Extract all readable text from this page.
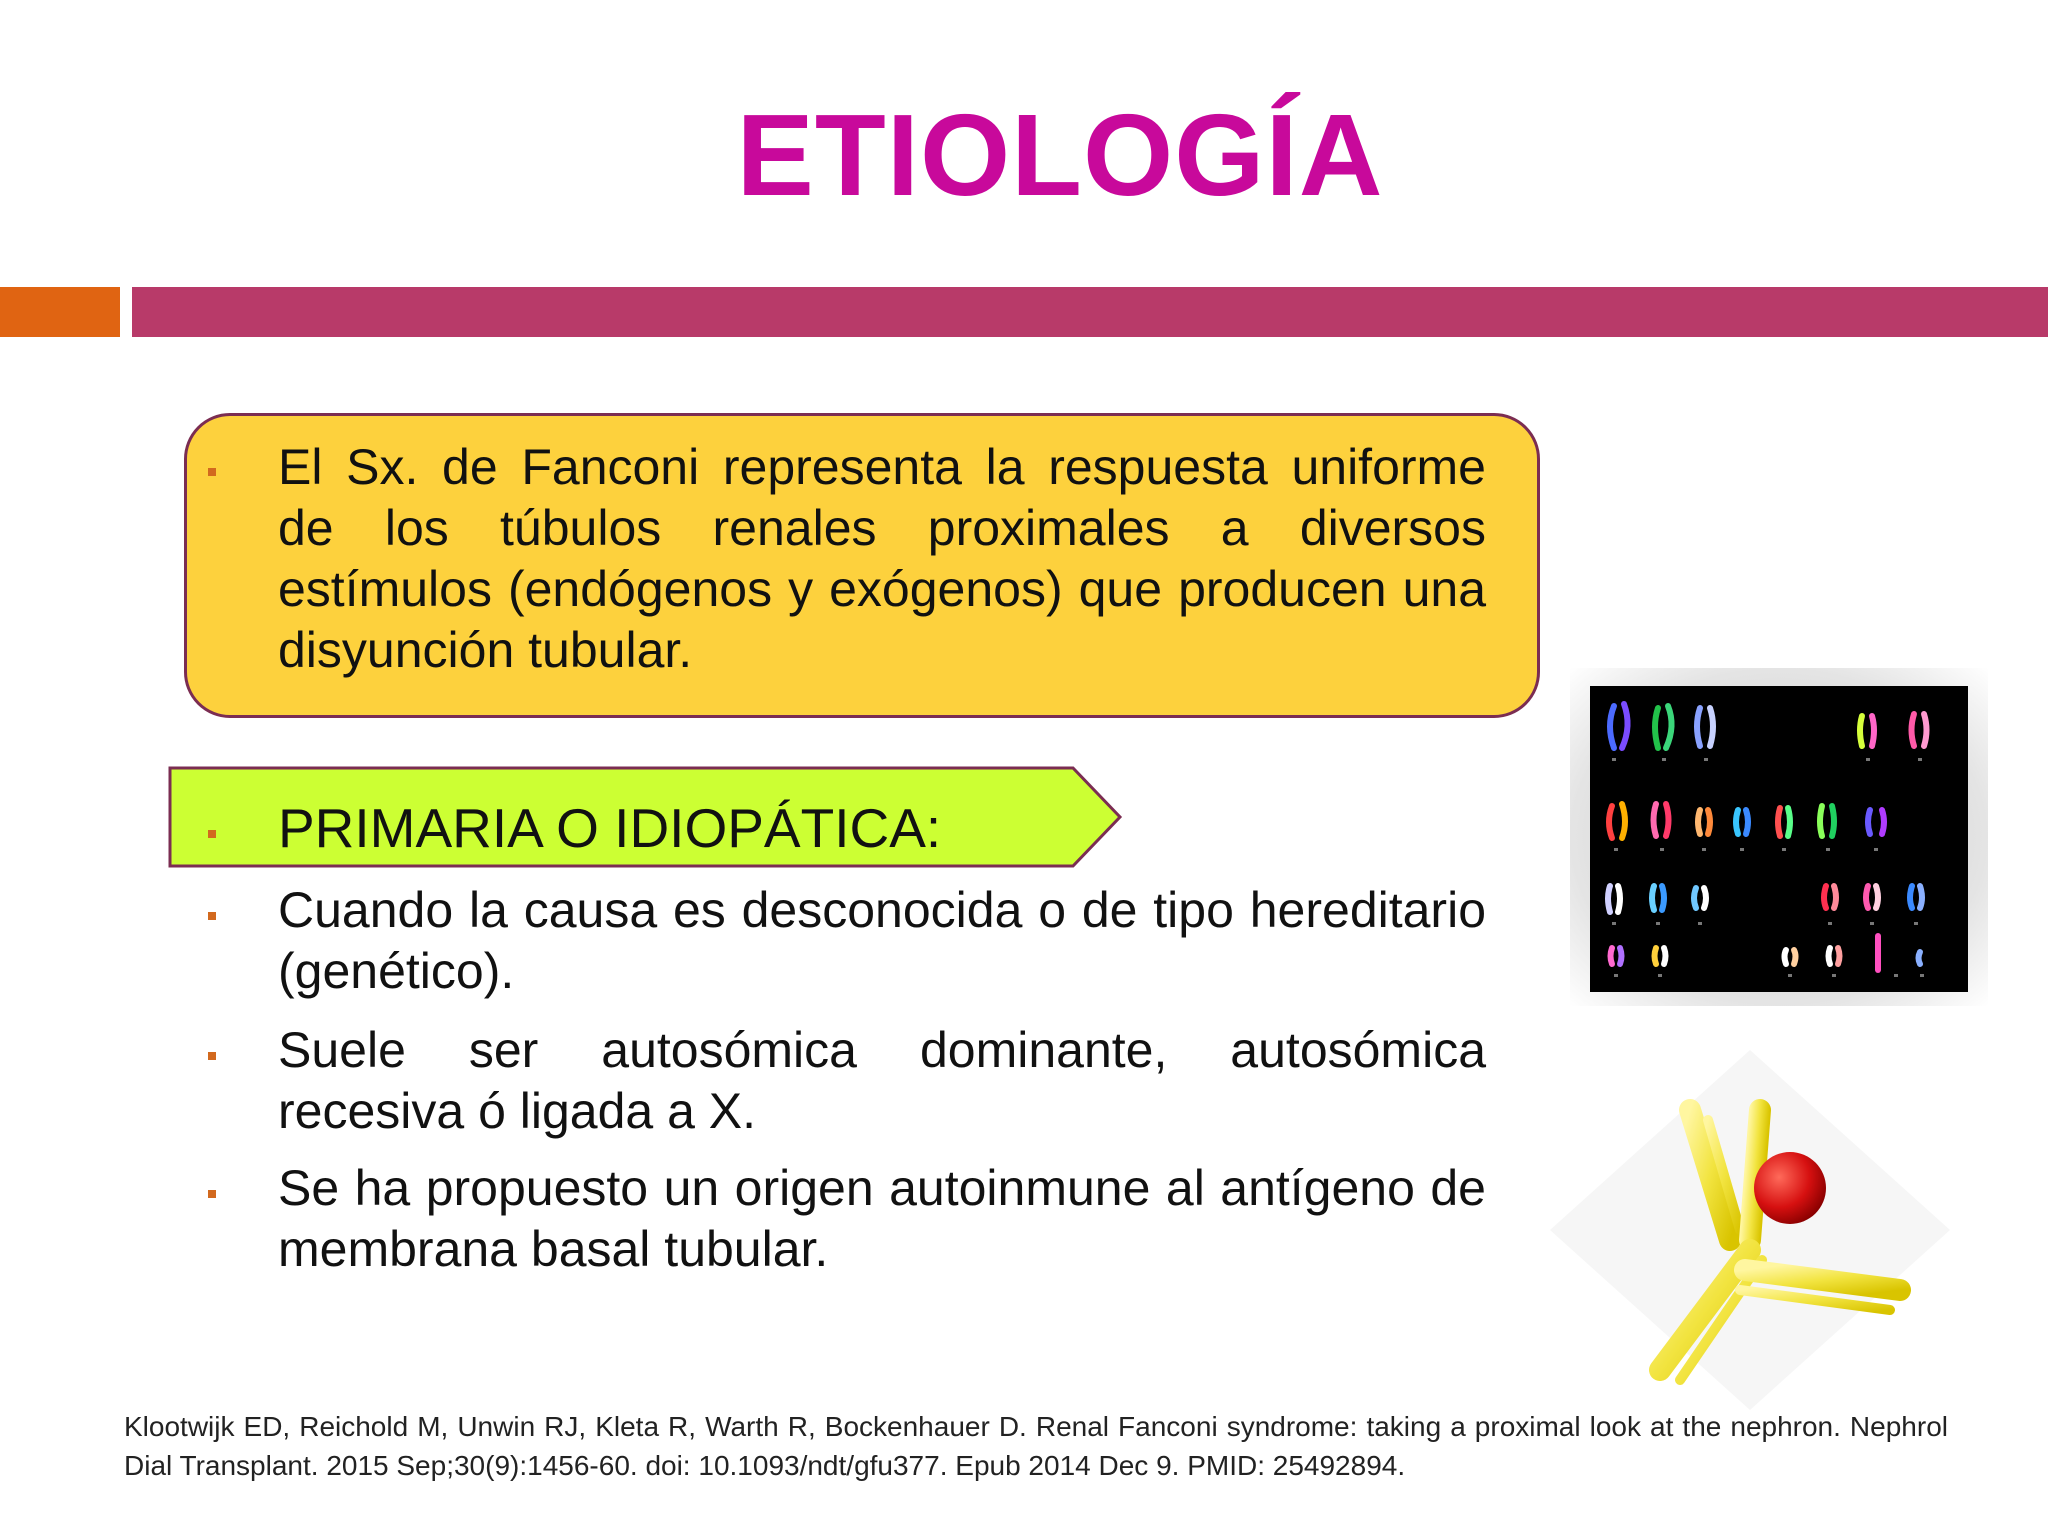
ETIOLOGÍA

El Sx. de Fanconi representa la respuesta uniforme de los túbulos renales proximales a diversos estímulos (endógenos y exógenos) que producen una disyunción tubular.

PRIMARIA O IDIOPÁTICA:

Cuando la causa es desconocida o de tipo hereditario (genético).

Suele ser autosómica dominante, autosómica recesiva ó ligada a X.

Se ha propuesto un origen autoinmune al antígeno de membrana basal tubular.

Klootwijk ED, Reichold M, Unwin RJ, Kleta R, Warth R, Bockenhauer D. Renal Fanconi syndrome: taking a proximal look at the nephron. Nephrol Dial Transplant. 2015 Sep;30(9):1456-60. doi: 10.1093/ndt/gfu377. Epub 2014 Dec 9. PMID: 25492894.
